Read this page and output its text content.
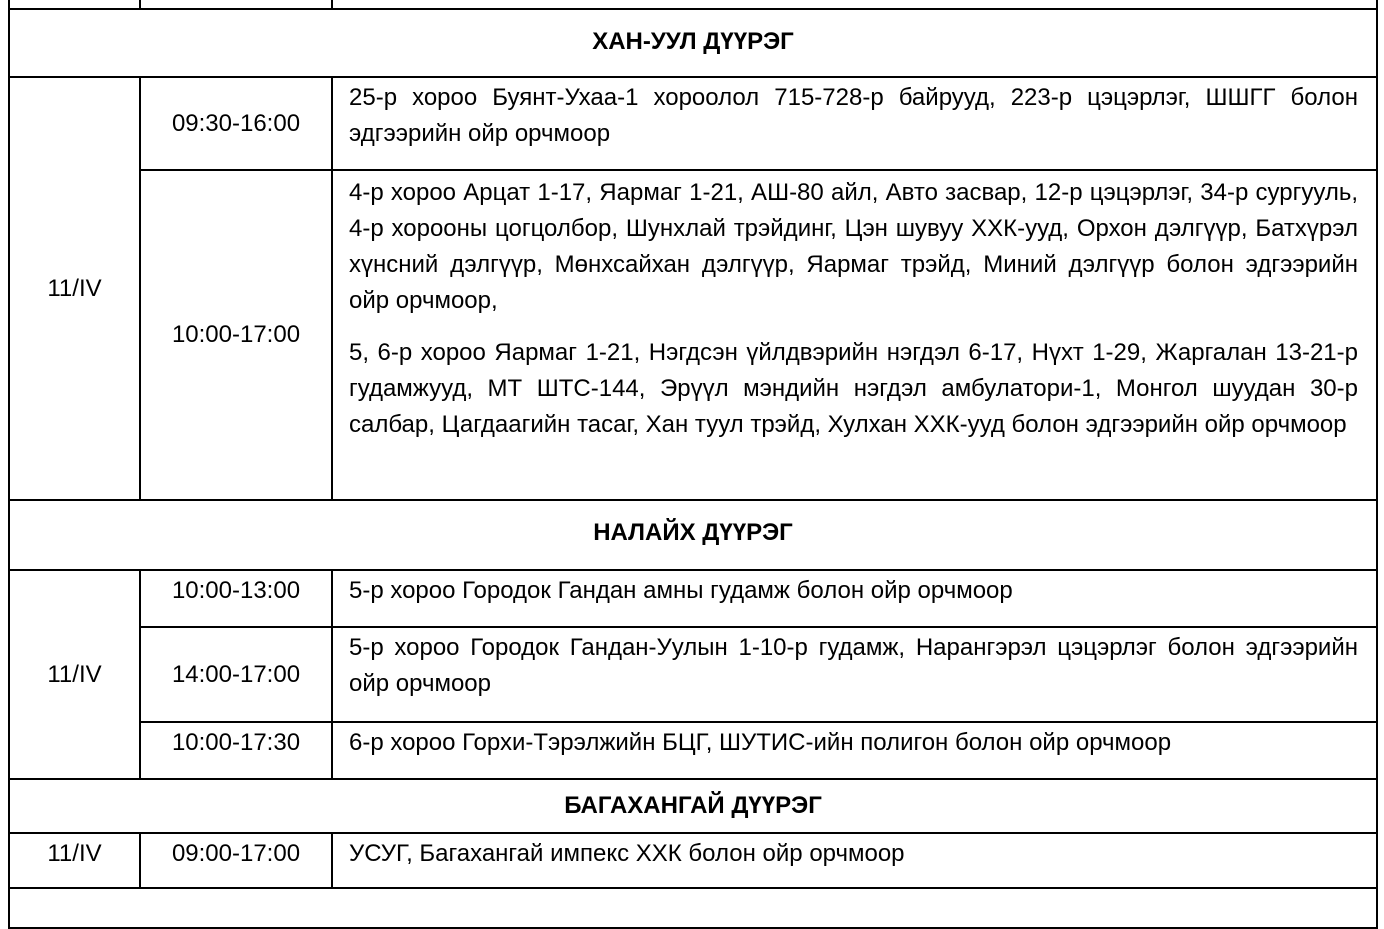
ХАН-УУЛ ДҮҮРЭГ		
11/IV	09:30-16:00	25-р хороо Буянт-Ухаа-1 хороолол 715-728-р байрууд, 223-р цэцэрлэг, ШШГГ болон эдгээрийн ойр орчмоор

	10:00-17:00	4-р хороо Арцат 1-17, Яармаг 1-21, АШ-80 айл, Авто засвар, 12-р цэцэрлэг, 34-р сургууль, 4-р хорооны цогцолбор, Шунхлай трэйдинг, Цэн шувуу ХХК-ууд, Орхон дэлгүүр, Батхүрэл хүнсний дэлгүүр, Мөнхсайхан дэлгүүр, Яармаг трэйд, Миний дэлгүүр болон эдгээрийн ойр орчмоор,

5, 6-р хороо Яармаг 1-21, Нэгдсэн үйлдвэрийн нэгдэл 6-17, Нүхт 1-29, Жаргалан 13-21-р гудамжууд, МТ ШТС-144, Эрүүл мэндийн нэгдэл амбулатори-1, Монгол шуудан 30-р салбар, Цагдаагийн тасаг, Хан туул трэйд, Хулхан ХХК-ууд болон эдгээрийн ойр орчмоор

НАЛАЙХ ДҮҮРЭГ		
11/IV	10:00-13:00	5-р хороо Городок Гандан амны гудамж болон ойр орчмоор

	14:00-17:00	5-р хороо Городок Гандан-Уулын 1-10-р гудамж, Нарангэрэл цэцэрлэг болон эдгээрийн ойр орчмоор

	10:00-17:30	6-р хороо Горхи-Тэрэлжийн БЦГ, ШУТИС-ийн полигон болон ойр орчмоор

БАГАХАНГАЙ ДҮҮРЭГ		
11/IV	09:00-17:00	УСУГ, Багахангай импекс ХХК болон ойр орчмоор
